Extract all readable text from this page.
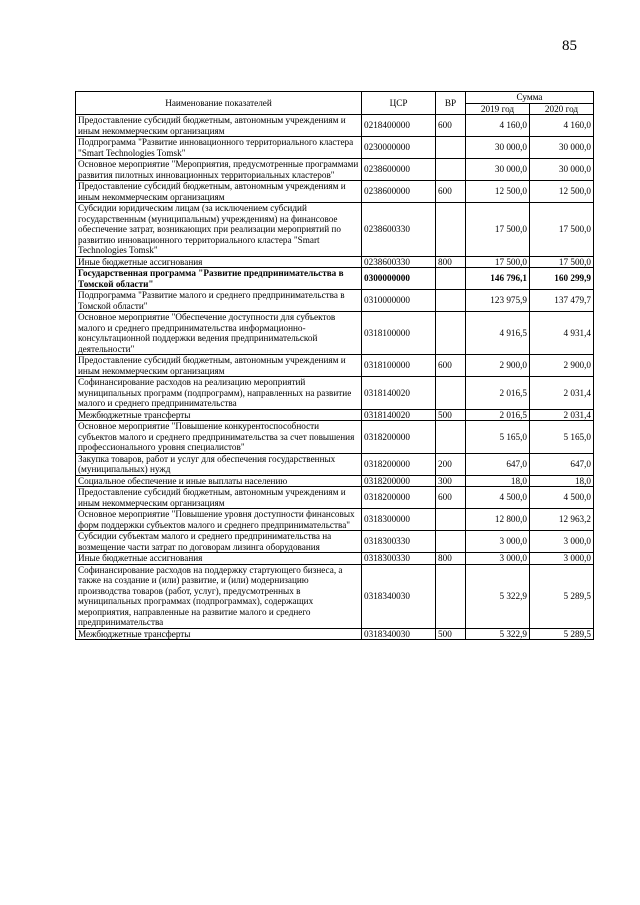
85
Наименование показателей	ЦСР	ВР	Сумма	
			2019 год	2020 год
Предоставление субсидий бюджетным, автономным учреждениям и иным некоммерческим организациям	0218400000	600	4 160,0	4 160,0
Подпрограмма "Развитие инновационного территориального кластера "Smart Technologies Tomsk"	0230000000		30 000,0	30 000,0
Основное мероприятие "Мероприятия, предусмотренные программами развития пилотных инновационных территориальных кластеров"	0238600000		30 000,0	30 000,0
Предоставление субсидий бюджетным, автономным учреждениям и иным некоммерческим организациям	0238600000	600	12 500,0	12 500,0
Субсидии юридическим лицам (за исключением субсидий государственным (муниципальным) учреждениям) на финансовое обеспечение затрат, возникающих при реализации мероприятий по развитию инновационного территориального кластера "Smart Technologies Tomsk"	0238600330		17 500,0	17 500,0
Иные бюджетные ассигнования	0238600330	800	17 500,0	17 500,0
Государственная программа "Развитие предпринимательства в Томской области"	0300000000		146 796,1	160 299,9
Подпрограмма "Развитие малого и среднего предпринимательства в Томской области"	0310000000		123 975,9	137 479,7
Основное мероприятие "Обеспечение доступности для субъектов малого и среднего предпринимательства информационно-консультационной поддержки ведения предпринимательской деятельности"	0318100000		4 916,5	4 931,4
Предоставление субсидий бюджетным, автономным учреждениям и иным некоммерческим организациям	0318100000	600	2 900,0	2 900,0
Софинансирование расходов на реализацию мероприятий муниципальных программ (подпрограмм), направленных на развитие малого и среднего предпринимательства	0318140020		2 016,5	2 031,4
Межбюджетные трансферты	0318140020	500	2 016,5	2 031,4
Основное мероприятие "Повышение конкурентоспособности субъектов малого и среднего предпринимательства за счет повышения профессионального уровня специалистов"	0318200000		5 165,0	5 165,0
Закупка товаров, работ и услуг для обеспечения государственных (муниципальных) нужд	0318200000	200	647,0	647,0
Социальное обеспечение и иные выплаты населению	0318200000	300	18,0	18,0
Предоставление субсидий бюджетным, автономным учреждениям и иным некоммерческим организациям	0318200000	600	4 500,0	4 500,0
Основное мероприятие "Повышение уровня доступности финансовых форм поддержки субъектов малого и среднего предпринимательства"	0318300000		12 800,0	12 963,2
Субсидии субъектам малого и среднего предпринимательства на возмещение части затрат по договорам лизинга оборудования	0318300330		3 000,0	3 000,0
Иные бюджетные ассигнования	0318300330	800	3 000,0	3 000,0
Софинансирование расходов на поддержку стартующего бизнеса, а также на создание и (или) развитие, и (или) модернизацию производства товаров (работ, услуг), предусмотренных в муниципальных программах (подпрограммах), содержащих мероприятия, направленные на развитие малого и среднего предпринимательства	0318340030		5 322,9	5 289,5
Межбюджетные трансферты	0318340030	500	5 322,9	5 289,5
